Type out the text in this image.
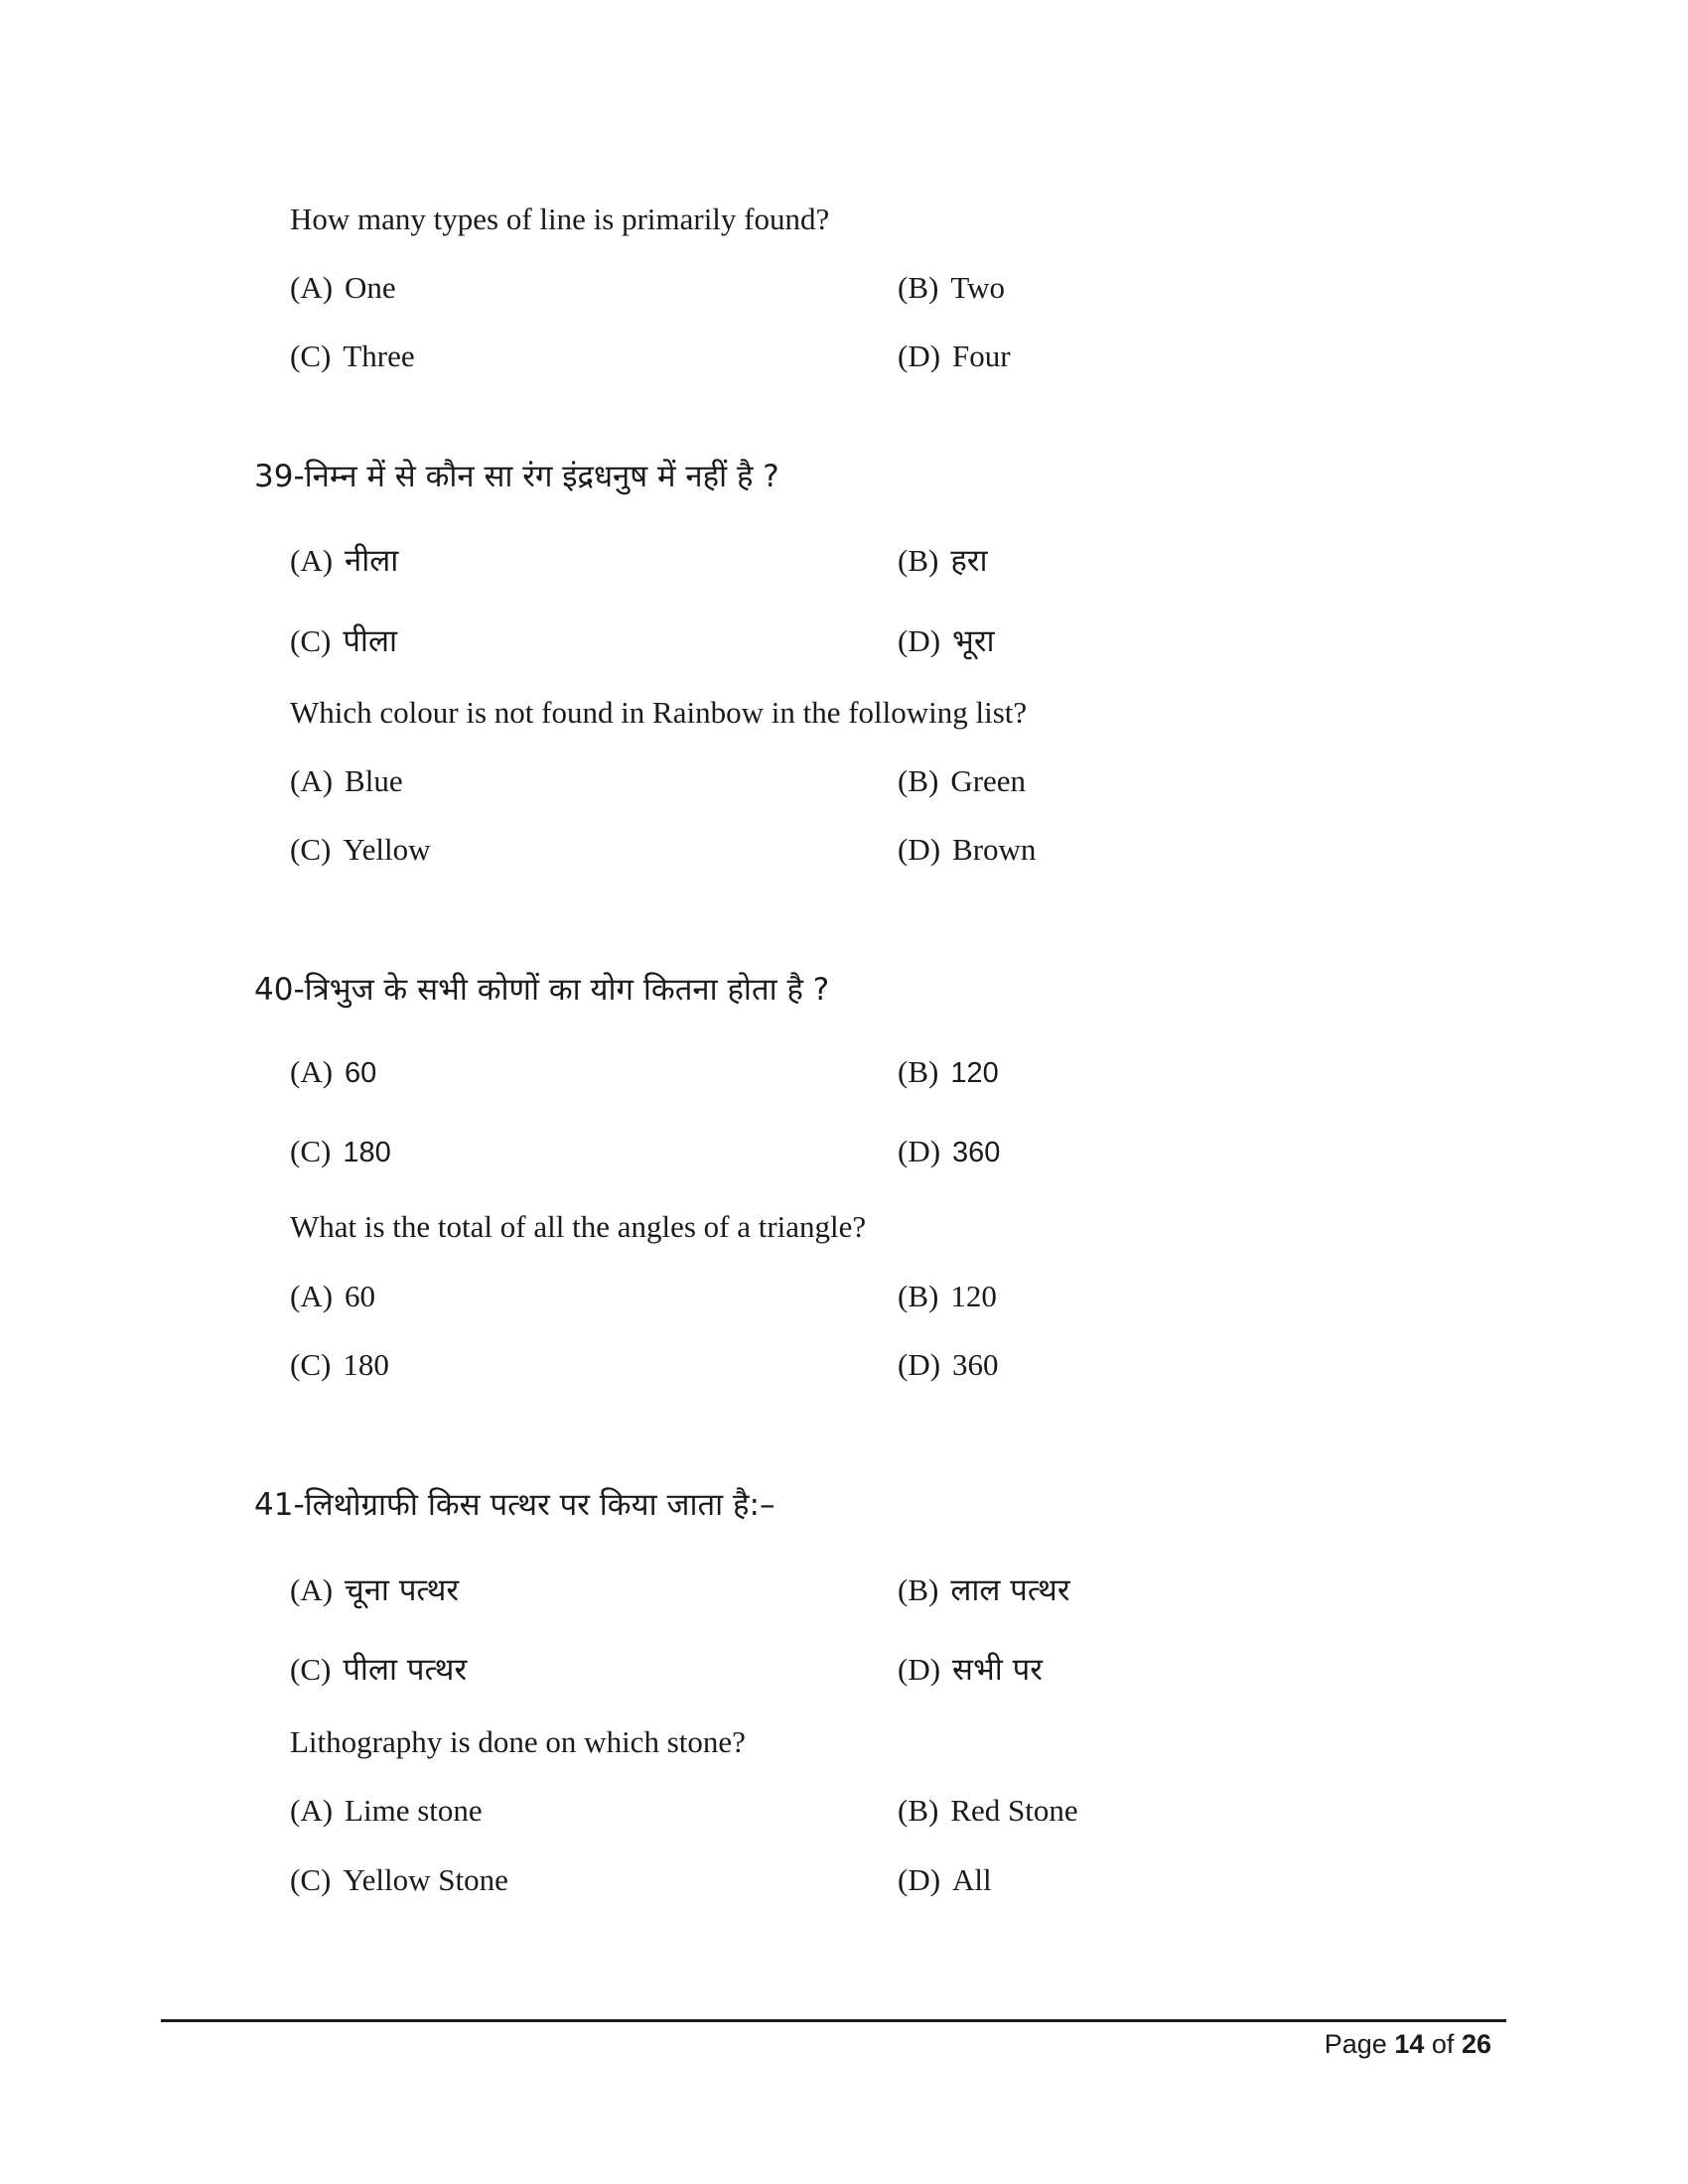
How many types of line is primarily found?
(A) One	(B) Two
(C) Three	(D) Four
39-निम्न में से कौन सा रंग इंद्रधनुष में नहीं है ?
(A) नीला	(B) हरा
(C) पीला	(D) भूरा
Which colour is not found in Rainbow in the following list?
(A) Blue	(B) Green
(C) Yellow	(D) Brown
40-त्रिभुज के सभी कोणों का योग कितना होता है ?
(A) 60	(B) 120
(C) 180	(D) 360
What is the total of all the angles of a triangle?
(A) 60	(B) 120
(C) 180	(D) 360
41-लिथोग्राफी किस पत्थर पर किया जाता है:–
(A) चूना पत्थर	(B) लाल पत्थर
(C) पीला पत्थर	(D) सभी पर
Lithography is done on which stone?
(A) Lime stone	(B) Red Stone
(C) Yellow Stone	(D) All
Page 14 of 26
